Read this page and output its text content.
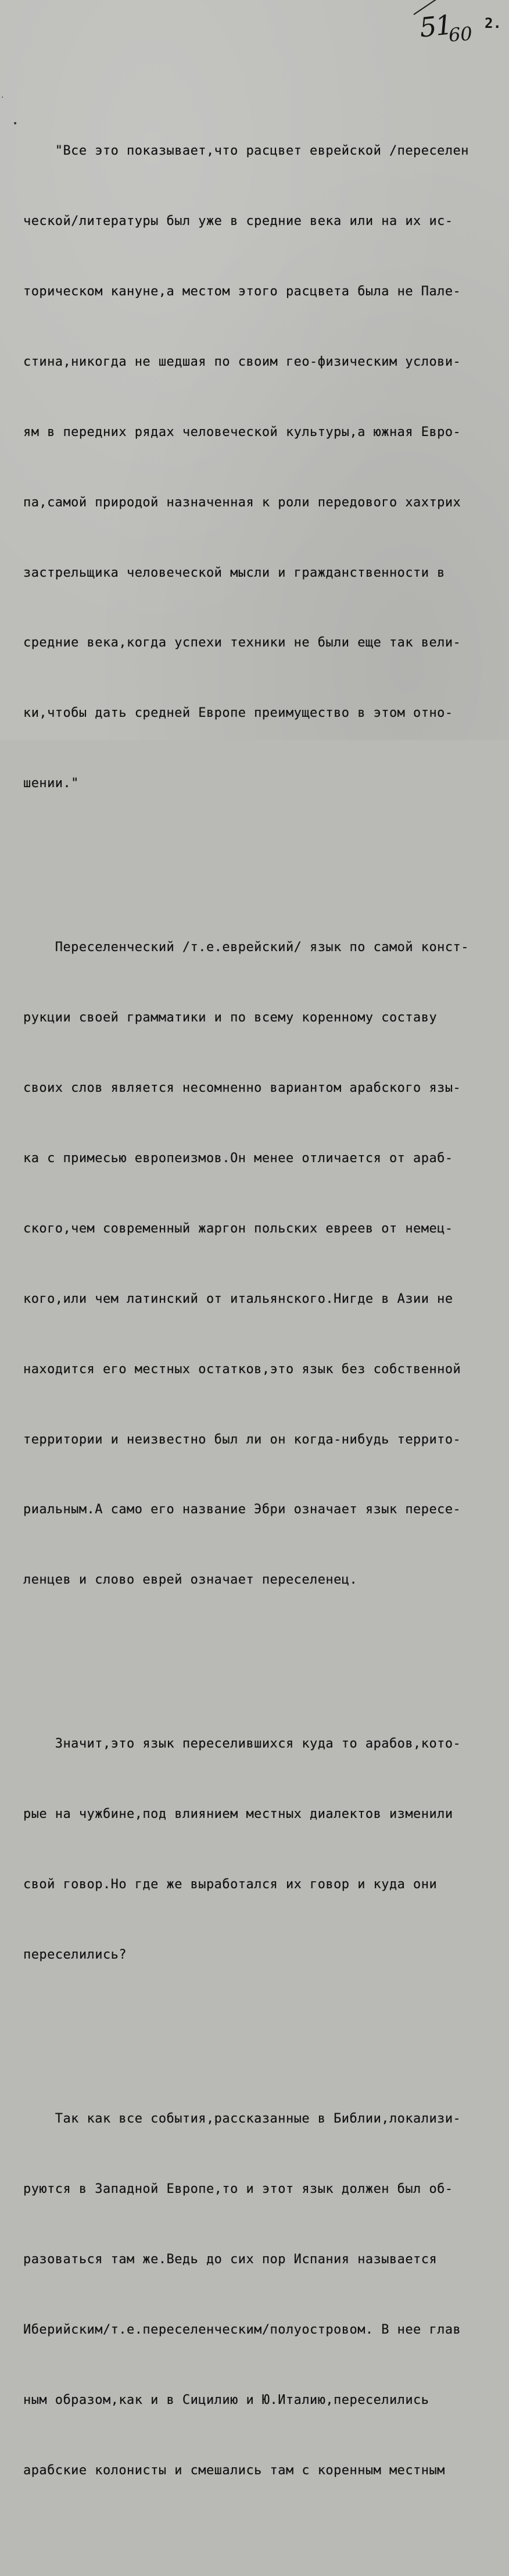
51
60 2.
•
·

"Все это показывает,что расцвет еврейской /переселен

ческой/литературы был уже в средние века или на их ис-

торическом кануне,а местом этого расцвета была не Пале-

стина,никогда не шедшая по своим гео-физическим услови-

ям в передних рядах человеческой культуры,а южная Евро-

па,самой природой назначенная к роли передового хахтрих

застрельщика человеческой мысли и гражданственности в

средние века,когда успехи техники не были еще так вели-

ки,чтобы дать средней Европе преимущество в этом отно-

шении."

Переселенческий /т.е.еврейский/ язык по самой конст-

рукции своей грамматики и по всему коренному составу

своих слов является несомненно вариантом арабского язы-

ка с примесью европеизмов.Он менее отличается от араб-

ского,чем современный жаргон польских евреев от немец-

кого,или чем латинский от итальянского.Нигде в Азии не

находится его местных остатков,это язык без собственной

территории и неизвестно был ли он когда-нибудь террито-

риальным.А само его название Эбри означает язык пересе-

ленцев и слово еврей означает переселенец.

Значит,это язык переселившихся куда то арабов,кото-

рые на чужбине,под влиянием местных диалектов изменили

свой говор.Но где же выработался их говор и куда они

переселились?

Так как все события,рассказанные в Библии,локализи-

руются в Западной Европе,то и этот язык должен был об-

разоваться там же.Ведь до сих пор Испания называется

Иберийским/т.е.переселенческим/полуостровом. В нее глав

ным образом,как и в Сицилию и Ю.Италию,переселились

арабские колонисты и смешались там с коренным местным
